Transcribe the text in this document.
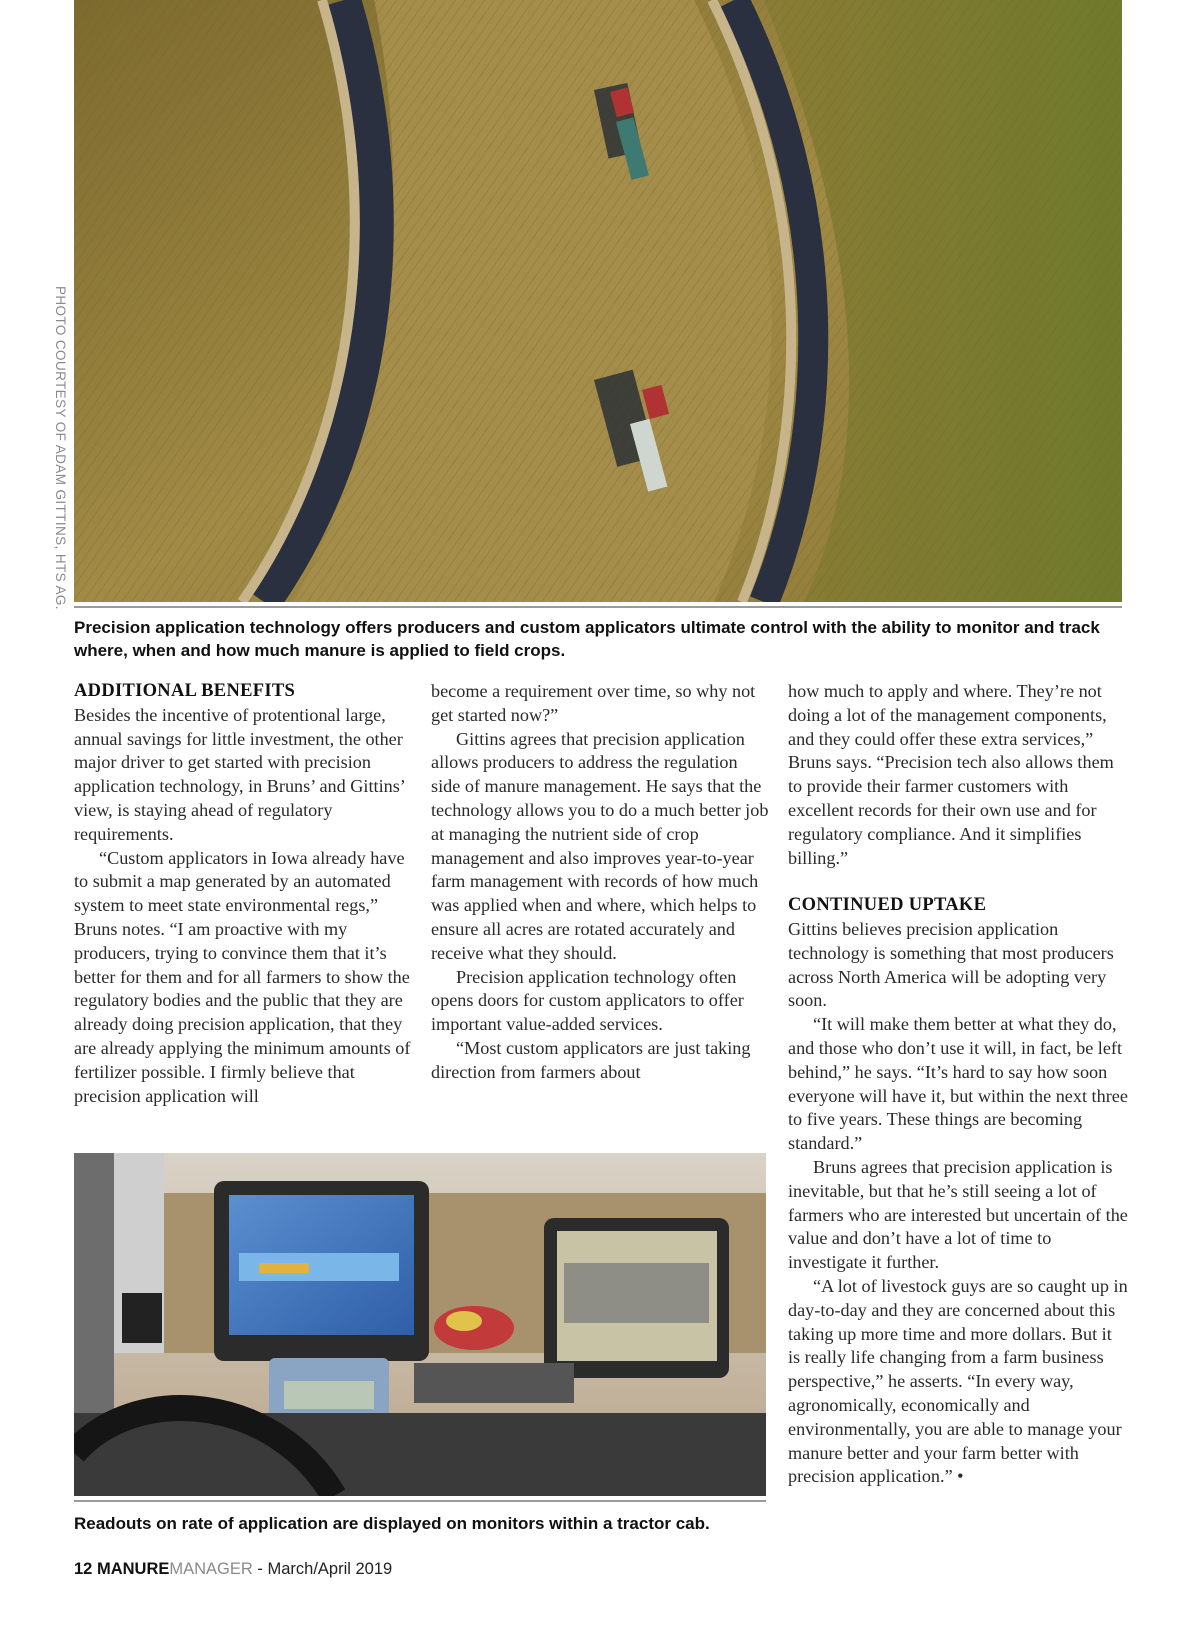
PHOTO COURTESY OF ADAM GITTINS, HTS AG.
Precision application technology offers producers and custom applicators ultimate control with the ability to monitor and track where, when and how much manure is applied to field crops.
ADDITIONAL BENEFITS

Besides the incentive of protentional large, annual savings for little investment, the other major driver to get started with precision application technology, in Bruns’ and Gittins’ view, is staying ahead of regulatory requirements.

“Custom applicators in Iowa already have to submit a map generated by an automated system to meet state environmental regs,” Bruns notes. “I am proactive with my producers, trying to convince them that it’s better for them and for all farmers to show the regulatory bodies and the public that they are already doing precision application, that they are already applying the minimum amounts of fertilizer possible. I firmly believe that precision application will

become a requirement over time, so why not get started now?”

Gittins agrees that precision application allows producers to address the regulation side of manure management. He says that the technology allows you to do a much better job at managing the nutrient side of crop management and also improves year-to-year farm management with records of how much was applied when and where, which helps to ensure all acres are rotated accurately and receive what they should.

Precision application technology often opens doors for custom applicators to offer important value-added services.

“Most custom applicators are just taking direction from farmers about

how much to apply and where. They’re not doing a lot of the management components, and they could offer these extra services,” Bruns says. “Precision tech also allows them to provide their farmer customers with excellent records for their own use and for regulatory compliance. And it simplifies billing.”

CONTINUED UPTAKE

Gittins believes precision application technology is something that most producers across North America will be adopting very soon.

“It will make them better at what they do, and those who don’t use it will, in fact, be left behind,” he says. “It’s hard to say how soon everyone will have it, but within the next three to five years. These things are becoming standard.”

Bruns agrees that precision application is inevitable, but that he’s still seeing a lot of farmers who are interested but uncertain of the value and don’t have a lot of time to investigate it further.

“A lot of livestock guys are so caught up in day-to-day and they are concerned about this taking up more time and more dollars. But it is really life changing from a farm business perspective,” he asserts. “In every way, agronomically, economically and environmentally, you are able to manage your manure better and your farm better with precision application.” •

Readouts on rate of application are displayed on monitors within a tractor cab.
12 MANUREMANAGER - March/April 2019
